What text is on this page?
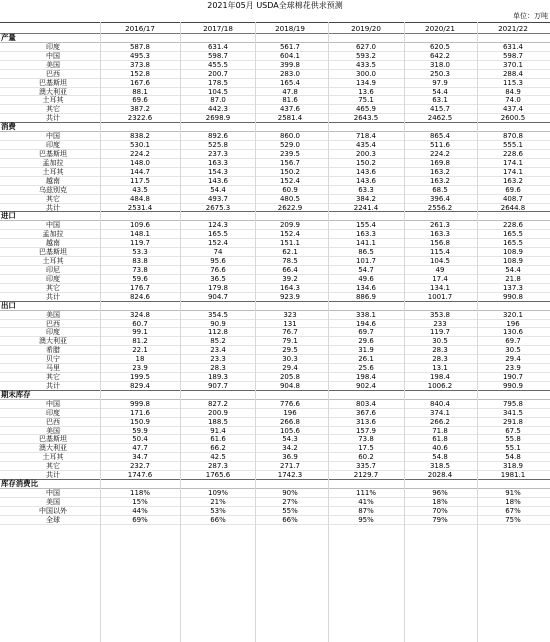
2021年05月 USDA全球棉花供求预测
单位：万吨
2016/17	2017/18	2018/19	2019/20	2020/21	2021/22
产量
印度	587.8	631.4	561.7	627.0	620.5	631.4
中国	495.3	598.7	604.1	593.2	642.2	598.7
美国	373.8	455.5	399.8	433.5	318.0	370.1
巴西	152.8	200.7	283.0	300.0	250.3	288.4
巴基斯坦	167.6	178.5	165.4	134.9	97.9	115.3
澳大利亚	88.1	104.5	47.8	13.6	54.4	84.9
土耳其	69.6	87.0	81.6	75.1	63.1	74.0
其它	387.2	442.3	437.6	465.9	415.7	437.4
共计	2322.6	2698.9	2581.4	2643.5	2462.5	2600.5
消费
中国	838.2	892.6	860.0	718.4	865.4	870.8
印度	530.1	525.8	529.0	435.4	511.6	555.1
巴基斯坦	224.2	237.3	239.5	200.3	224.2	228.6
孟加拉	148.0	163.3	156.7	150.2	169.8	174.1
土耳其	144.7	154.3	150.2	143.6	163.2	174.1
越南	117.5	143.6	152.4	143.6	163.2	163.2
乌兹别克	43.5	54.4	60.9	63.3	68.5	69.6
其它	484.8	493.7	480.5	384.2	396.4	408.7
共计	2531.4	2675.3	2622.9	2241.4	2556.2	2644.8
进口
中国	109.6	124.3	209.9	155.4	261.3	228.6
孟加拉	148.1	165.5	152.4	163.3	163.3	165.5
越南	119.7	152.4	151.1	141.1	156.8	165.5
巴基斯坦	53.3	74	62.1	86.5	115.4	108.9
土耳其	83.8	95.6	78.5	101.7	104.5	108.9
印尼	73.8	76.6	66.4	54.7	49	54.4
印度	59.6	36.5	39.2	49.6	17.4	21.8
其它	176.7	179.8	164.3	134.6	134.1	137.3
共计	824.6	904.7	923.9	886.9	1001.7	990.8
出口
美国	324.8	354.5	323	338.1	353.8	320.1
巴西	60.7	90.9	131	194.6	233	196
印度	99.1	112.8	76.7	69.7	119.7	130.6
澳大利亚	81.2	85.2	79.1	29.6	30.5	69.7
希腊	22.1	23.4	29.5	31.9	28.3	30.5
贝宁	18	23.3	30.3	26.1	28.3	29.4
马里	23.9	28.3	29.4	25.6	13.1	23.9
其它	199.5	189.3	205.8	198.4	198.4	190.7
共计	829.4	907.7	904.8	902.4	1006.2	990.9
期末库存
中国	999.8	827.2	776.6	803.4	840.4	795.8
印度	171.6	200.9	196	367.6	374.1	341.5
巴西	150.9	188.5	266.8	313.6	266.2	291.8
美国	59.9	91.4	105.6	157.9	71.8	67.5
巴基斯坦	50.4	61.6	54.3	73.8	61.8	55.8
澳大利亚	47.7	66.2	34.2	17.5	40.6	55.1
土耳其	34.7	42.5	36.9	60.2	54.8	54.8
其它	232.7	287.3	271.7	335.7	318.5	318.9
共计	1747.6	1765.6	1742.3	2129.7	2028.4	1981.1
库存消费比
中国	118%	109%	90%	111%	96%	91%
美国	15%	21%	27%	41%	18%	18%
中国以外	44%	53%	55%	87%	70%	67%
全球	69%	66%	66%	95%	79%	75%
